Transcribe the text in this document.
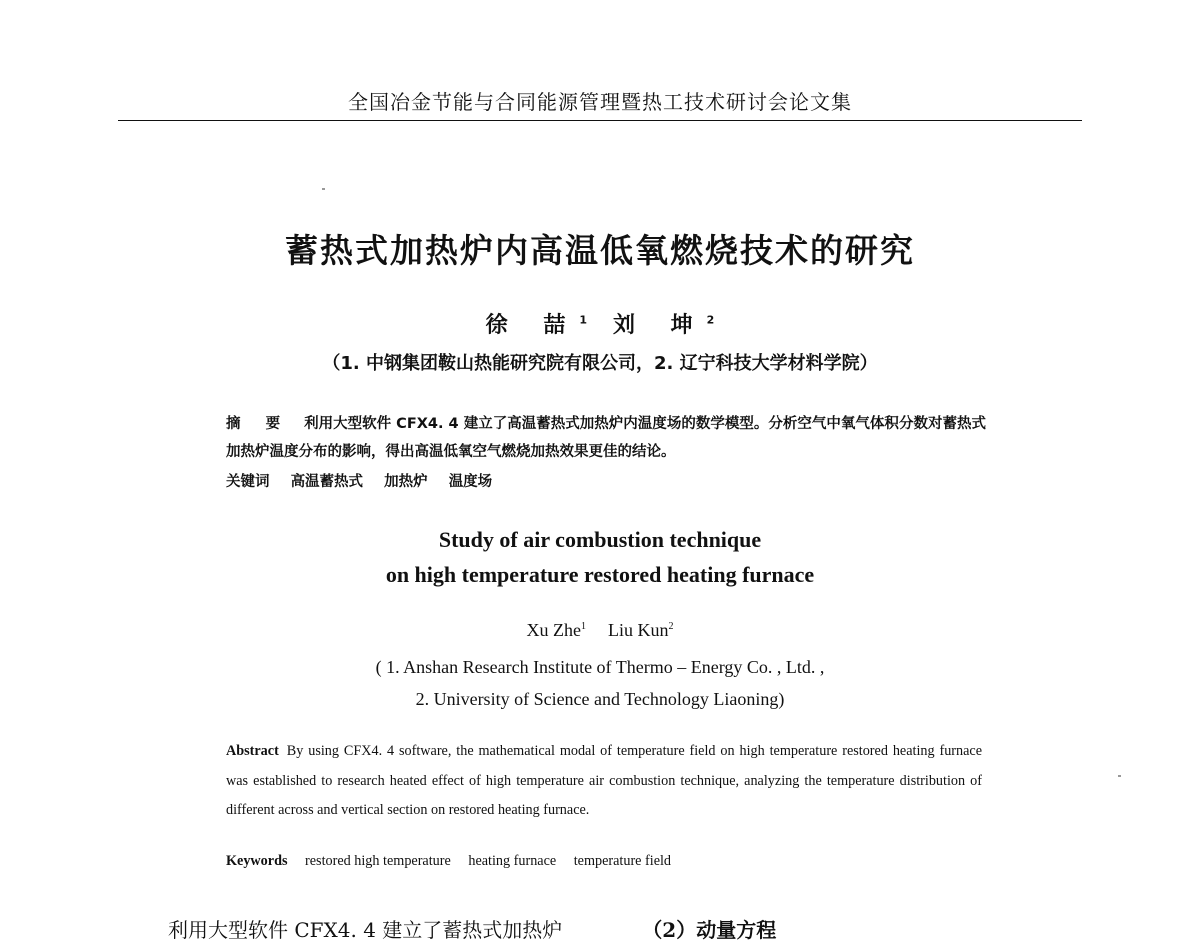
全国冶金节能与合同能源管理暨热工技术研讨会论文集
蓄热式加热炉内高温低氧燃烧技术的研究
徐 喆$^1$ 刘 坤$^2$
（1. 中钢集团鞍山热能研究院有限公司，2. 辽宁科技大学材料学院）
摘 要 利用大型软件 CFX4. 4 建立了高温蓄热式加热炉内温度场的数学模型。分析空气中氧气体积分数对蓄热式加热炉温度分布的影响，得出高温低氧空气燃烧加热效果更佳的结论。
关键词 高温蓄热式 加热炉 温度场
Study of air combustion technique
on high temperature restored heating furnace
Xu Zhe$^1$ Liu Kun$^2$
( 1. Anshan Research Institute of Thermo – Energy Co. , Ltd. ,
2. University of Science and Technology Liaoning)
Abstract By using CFX4. 4 software, the mathematical modal of temperature field on high temperature restored heating furnace was established to research heated effect of high temperature air combustion technique, analyzing the temperature distribution of different across and vertical section on restored heating furnace.
Keywords restored high temperature heating furnace temperature field
利用大型软件 CFX4. 4 建立了蓄热式加热炉	（2）动量方程
